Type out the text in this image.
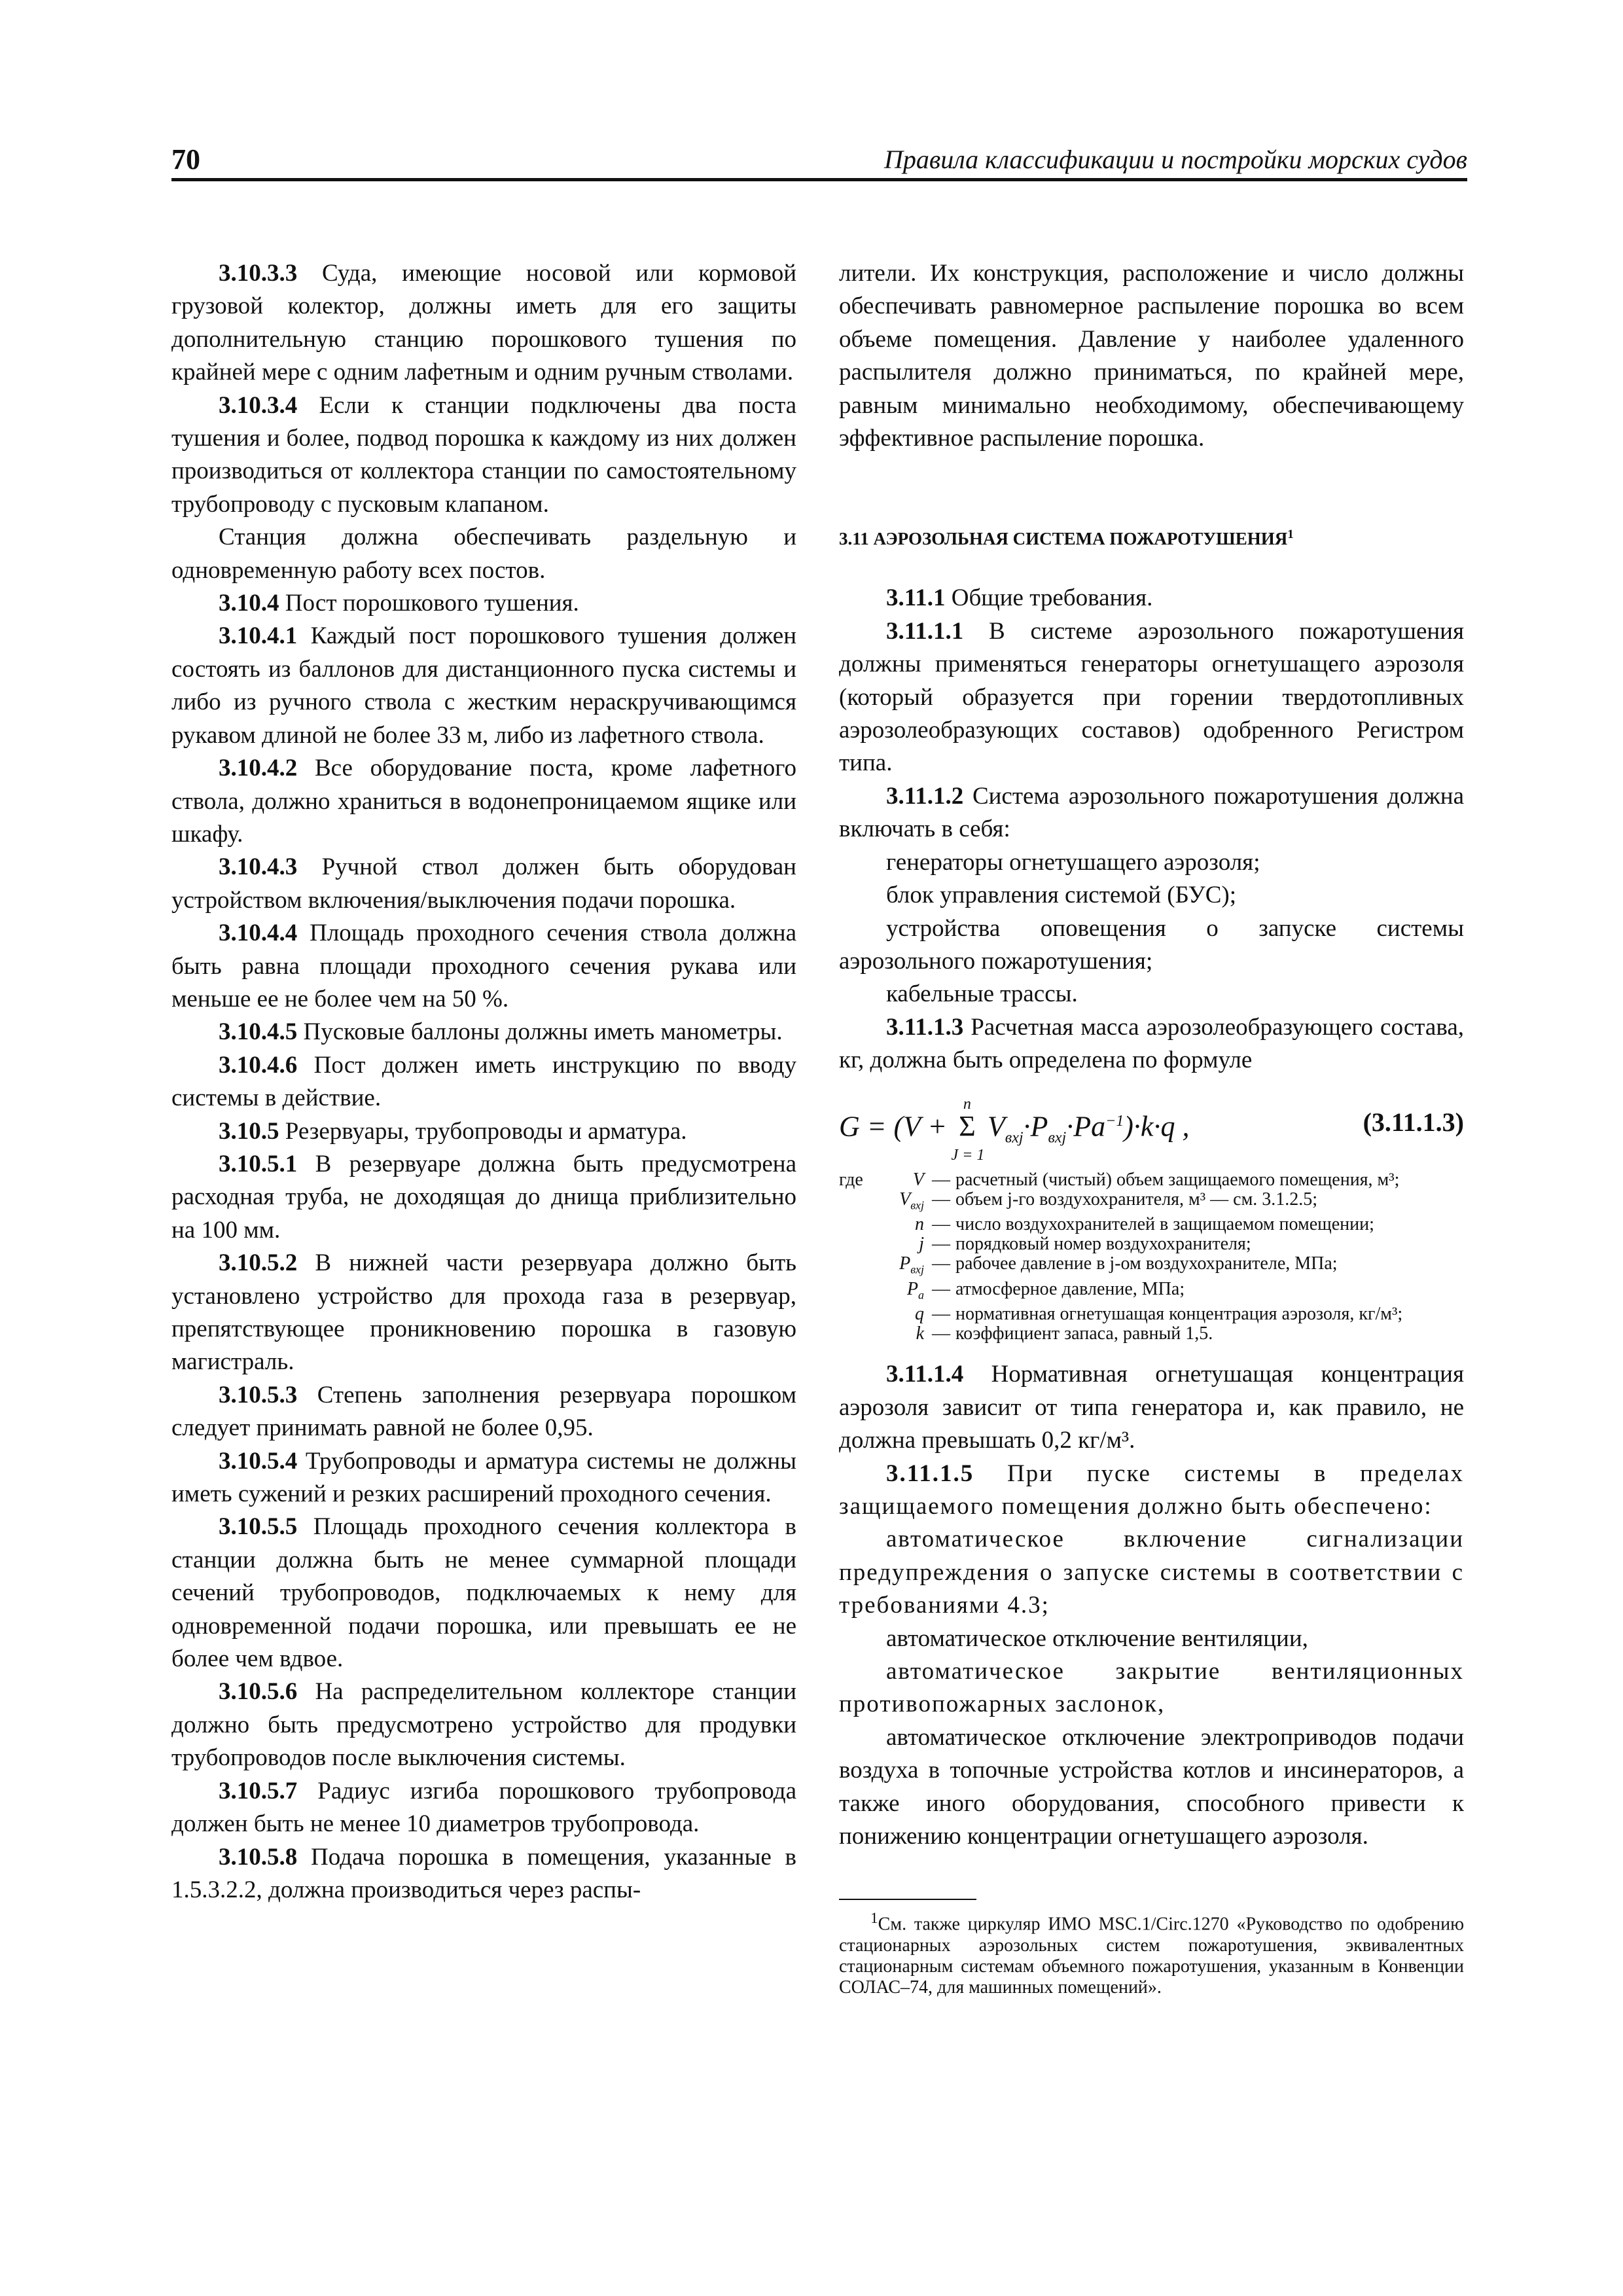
70	Правила классификации и постройки морских судов

3.10.3.3 Суда, имеющие носовой или кормовой грузовой колектор, должны иметь для его защиты дополнительную станцию порошкового тушения по крайней мере с одним лафетным и одним ручным стволами.

3.10.3.4 Если к станции подключены два поста тушения и более, подвод порошка к каждому из них должен производиться от коллектора станции по самостоятельному трубопроводу с пусковым клапаном.

Станция должна обеспечивать раздельную и одновременную работу всех постов.

3.10.4 Пост порошкового тушения.

3.10.4.1 Каждый пост порошкового тушения должен состоять из баллонов для дистанционного пуска системы и либо из ручного ствола с жестким нераскручивающимся рукавом длиной не более 33 м, либо из лафетного ствола.

3.10.4.2 Все оборудование поста, кроме лафетного ствола, должно храниться в водонепроницаемом ящике или шкафу.

3.10.4.3 Ручной ствол должен быть оборудован устройством включения/выключения подачи порошка.

3.10.4.4 Площадь проходного сечения ствола должна быть равна площади проходного сечения рукава или меньше ее не более чем на 50 %.

3.10.4.5 Пусковые баллоны должны иметь манометры.

3.10.4.6 Пост должен иметь инструкцию по вводу системы в действие.

3.10.5 Резервуары, трубопроводы и арматура.

3.10.5.1 В резервуаре должна быть предусмотрена расходная труба, не доходящая до днища приблизительно на 100 мм.

3.10.5.2 В нижней части резервуара должно быть установлено устройство для прохода газа в резервуар, препятствующее проникновению порошка в газовую магистраль.

3.10.5.3 Степень заполнения резервуара порошком следует принимать равной не более 0,95.

3.10.5.4 Трубопроводы и арматура системы не должны иметь сужений и резких расширений проходного сечения.

3.10.5.5 Площадь проходного сечения коллектора в станции должна быть не менее суммарной площади сечений трубопроводов, подключаемых к нему для одновременной подачи порошка, или превышать ее не более чем вдвое.

3.10.5.6 На распределительном коллекторе станции должно быть предусмотрено устройство для продувки трубопроводов после выключения системы.

3.10.5.7 Радиус изгиба порошкового трубопровода должен быть не менее 10 диаметров трубопровода.

3.10.5.8 Подача порошка в помещения, указанные в 1.5.3.2.2, должна производиться через распы-

лители. Их конструкция, расположение и число должны обеспечивать равномерное распыление порошка во всем объеме помещения. Давление у наиболее удаленного распылителя должно приниматься, по крайней мере, равным минимально необходимому, обеспечивающему эффективное распыление порошка.

3.11 АЭРОЗОЛЬНАЯ СИСТЕМА ПОЖАРОТУШЕНИЯ$^1$

3.11.1 Общие требования.

3.11.1.1 В системе аэрозольного пожаротушения должны применяться генераторы огнетушащего аэрозоля (который образуется при горении твердотопливных аэрозолеобразующих составов) одобренного Регистром типа.

3.11.1.2 Система аэрозольного пожаротушения должна включать в себя:

генераторы огнетушащего аэрозоля;

блок управления системой (БУС);

устройства оповещения о запуске системы аэрозольного пожаротушения;

кабельные трассы.

3.11.1.3 Расчетная масса аэрозолеобразующего состава, кг, должна быть определена по формуле

G = (V + Σ
n
J = 1
$V_{вхj}\cdot P_{вхj}\cdot Pa^{-1})\cdot k\cdot q$ ,	(3.11.1.3)
где	V — расчетный (чистый) объем защищаемого помещения, м³;
$V_{вхj}$ — объем j-го воздухохранителя, м³ — см. 3.1.2.5;
n — число воздухохранителей в защищаемом помещении;
j — порядковый номер воздухохранителя;
$P_{вхj}$ — рабочее давление в j-ом воздухохранителе, МПа;
$P_a$ — атмосферное давление, МПа;
q — нормативная огнетушащая концентрация аэрозоля, кг/м³;
k — коэффициент запаса, равный 1,5.

3.11.1.4 Нормативная огнетушащая концентрация аэрозоля зависит от типа генератора и, как правило, не должна превышать 0,2 кг/м³.

3.11.1.5 При пуске системы в пределах защищаемого помещения должно быть обеспечено:

автоматическое включение сигнализации предупреждения о запуске системы в соответствии с требованиями 4.3;

автоматическое отключение вентиляции,

автоматическое закрытие вентиляционных противопожарных заслонок,

автоматическое отключение электроприводов подачи воздуха в топочные устройства котлов и инсинераторов, а также иного оборудования, способного привести к понижению концентрации огнетушащего аэрозоля.

$^1$См. также циркуляр ИМО MSC.1/Circ.1270 «Руководство по одобрению стационарных аэрозольных систем пожаротушения, эквивалентных стационарным системам объемного пожаротушения, указанным в Конвенции СОЛАС–74, для машинных помещений».
